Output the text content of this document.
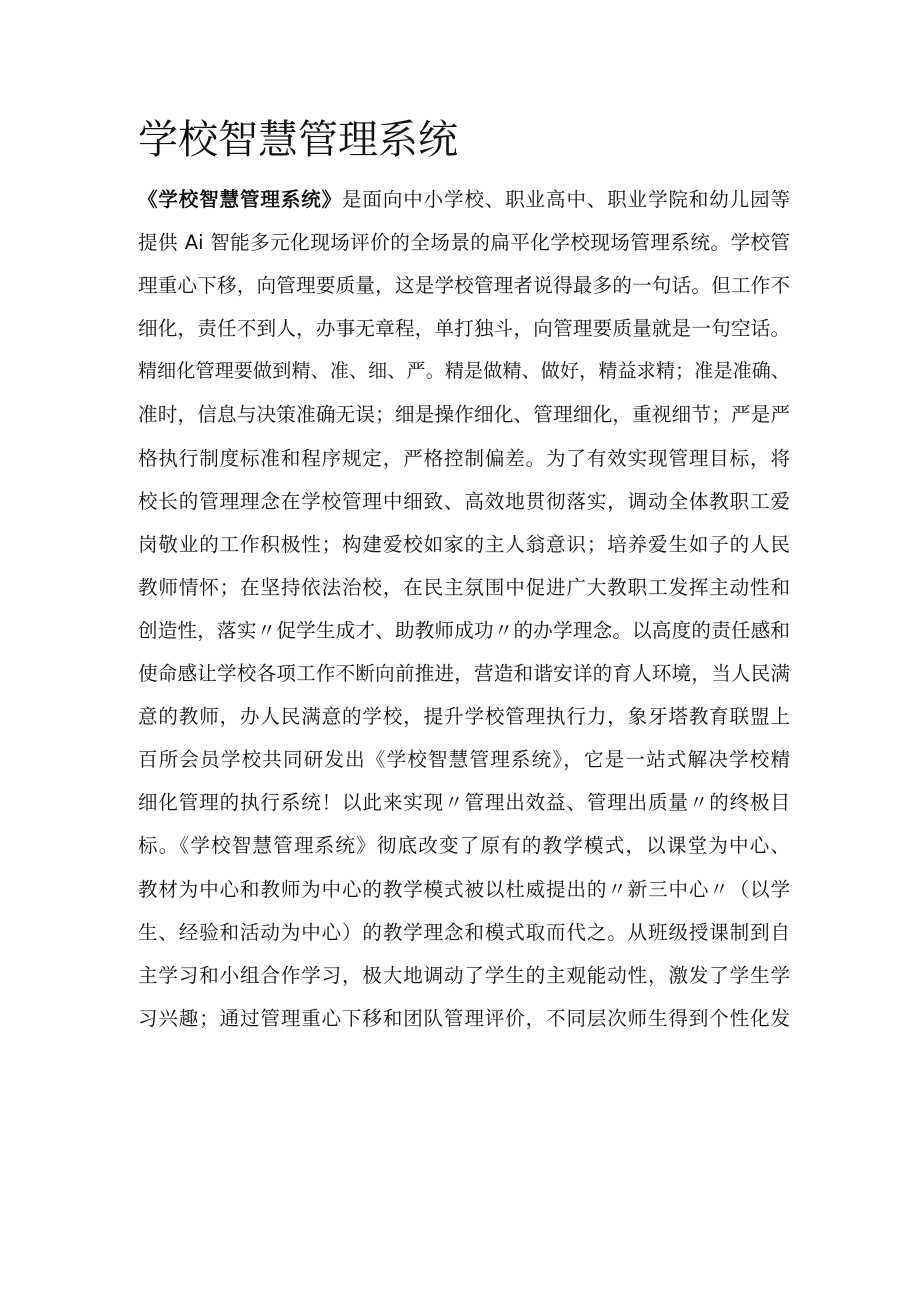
学校智慧管理系统
《学校智慧管理系统》是面向中小学校、职业高中、职业学院和幼儿园等
提供 Ai 智能多元化现场评价的全场景的扁平化学校现场管理系统。学校管
理重心下移，向管理要质量，这是学校管理者说得最多的一句话。但工作不
细化，责任不到人，办事无章程，单打独斗，向管理要质量就是一句空话。
精细化管理要做到精、准、细、严。精是做精、做好，精益求精；准是准确、
准时，信息与决策准确无误；细是操作细化、管理细化，重视细节；严是严
格执行制度标准和程序规定，严格控制偏差。为了有效实现管理目标，将
校长的管理理念在学校管理中细致、高效地贯彻落实，调动全体教职工爱
岗敬业的工作积极性；构建爱校如家的主人翁意识；培养爱生如子的人民
教师情怀；在坚持依法治校，在民主氛围中促进广大教职工发挥主动性和
创造性，落实〃促学生成才、助教师成功〃的办学理念。以高度的责任感和
使命感让学校各项工作不断向前推进，营造和谐安详的育人环境，当人民满
意的教师，办人民满意的学校，提升学校管理执行力，象牙塔教育联盟上
百所会员学校共同研发出《学校智慧管理系统》，它是一站式解决学校精
细化管理的执行系统！以此来实现〃管理出效益、管理出质量〃的终极目
标。《学校智慧管理系统》彻底改变了原有的教学模式，以课堂为中心、
教材为中心和教师为中心的教学模式被以杜威提出的〃新三中心〃（以学
生、经验和活动为中心）的教学理念和模式取而代之。从班级授课制到自
主学习和小组合作学习，极大地调动了学生的主观能动性，激发了学生学
习兴趣；通过管理重心下移和团队管理评价，不同层次师生得到个性化发
